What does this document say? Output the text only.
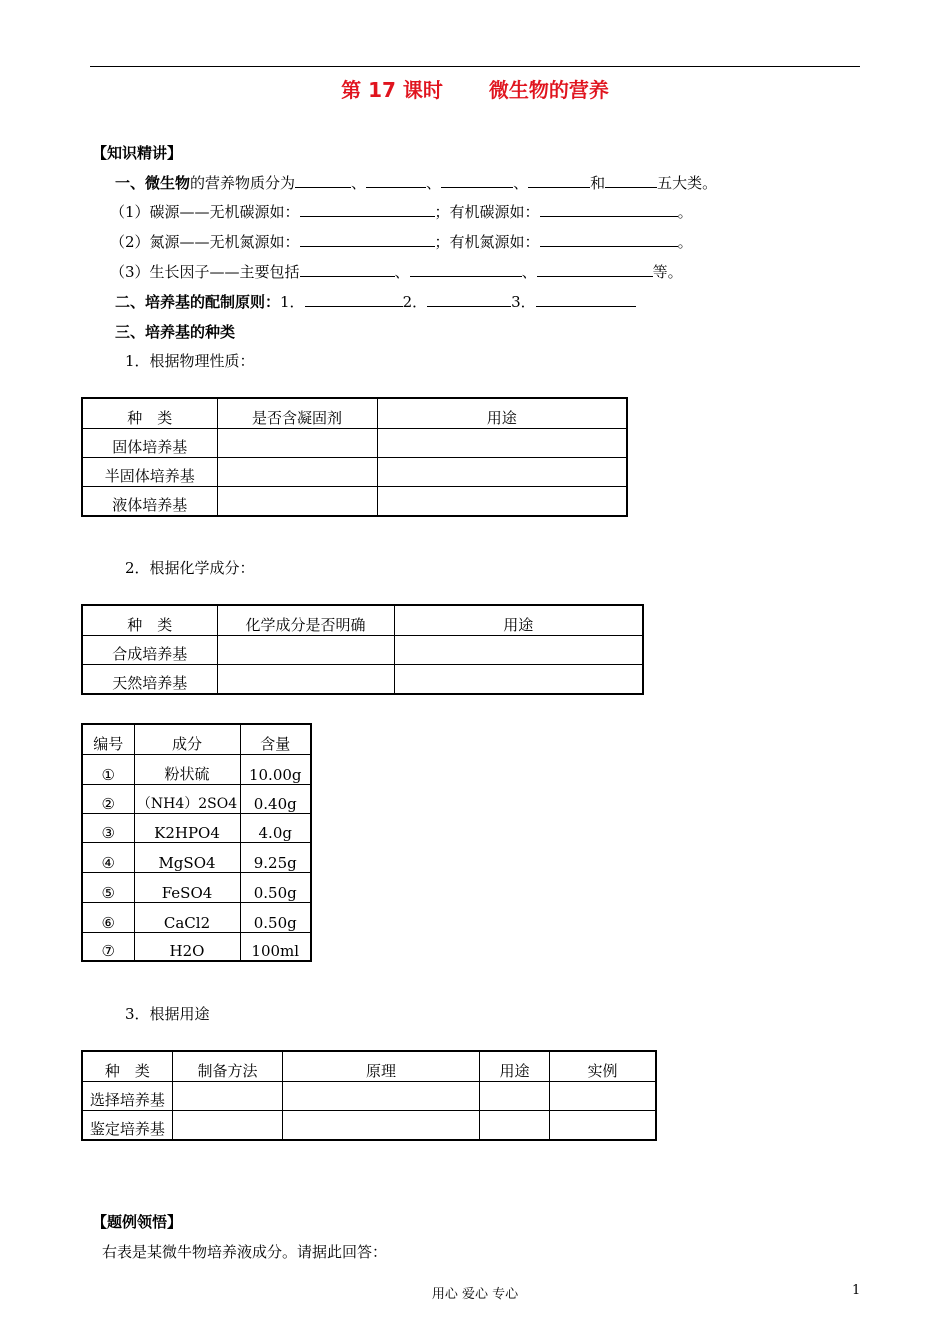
第 17 课时 微生物的营养
【知识精讲】
一、微生物的营养物质分为	、	、	、	和	五大类。
（1）碳源——无机碳源如：	；有机碳源如：	。
（2）氮源——无机氮源如：	；有机氮源如：	。
（3）生长因子——主要包括	、	、	等。
二、培养基的配制原则：1．	2．	3．
三、培养基的种类
1．根据物理性质：
种　类	是否含凝固剂	用途
固体培养基		
半固体培养基		
液体培养基		
2．根据化学成分：
种　类	化学成分是否明确	用途
合成培养基		
天然培养基		
编号	成分	含量
①	粉状硫	10.00g
②	（NH4）2SO4	0.40g
③	K2HPO4	4.0g
④	MgSO4	9.25g
⑤	FeSO4	0.50g
⑥	CaCl2	0.50g
⑦	H2O	100ml
3．根据用途
种　类	制备方法	原理	用途	实例
选择培养基				
鉴定培养基				
【题例领悟】
右表是某微牛物培养液成分。请据此回答：
用心 爱心 专心	1
